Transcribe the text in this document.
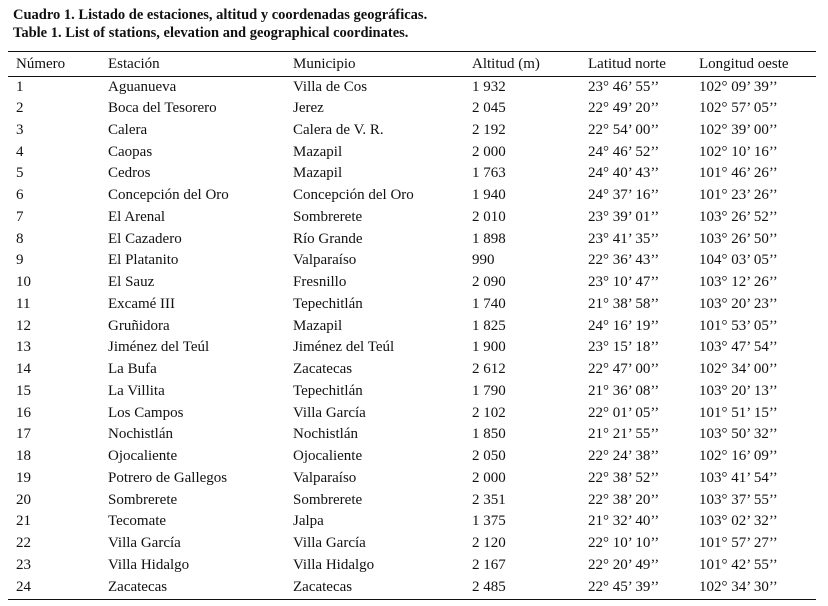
Cuadro 1. Listado de estaciones, altitud y coordenadas geográficas.
Table 1. List of stations, elevation and geographical coordinates.
Número	Estación	Municipio	Altitud (m)	Latitud norte	Longitud oeste
1	Aguanueva	Villa de Cos	1 932	23° 46’ 55’’	102° 09’ 39’’
2	Boca del Tesorero	Jerez	2 045	22° 49’ 20’’	102° 57’ 05’’
3	Calera	Calera de V. R.	2 192	22° 54’ 00’’	102° 39’ 00’’
4	Caopas	Mazapil	2 000	24° 46’ 52’’	102° 10’ 16’’
5	Cedros	Mazapil	1 763	24° 40’ 43’’	101° 46’ 26’’
6	Concepción del Oro	Concepción del Oro	1 940	24° 37’ 16’’	101° 23’ 26’’
7	El Arenal	Sombrerete	2 010	23° 39’ 01’’	103° 26’ 52’’
8	El Cazadero	Río Grande	1 898	23° 41’ 35’’	103° 26’ 50’’
9	El Platanito	Valparaíso	990	22° 36’ 43’’	104° 03’ 05’’
10	El Sauz	Fresnillo	2 090	23° 10’ 47’’	103° 12’ 26’’
11	Excamé III	Tepechitlán	1 740	21° 38’ 58’’	103° 20’ 23’’
12	Gruñidora	Mazapil	1 825	24° 16’ 19’’	101° 53’ 05’’
13	Jiménez del Teúl	Jiménez del Teúl	1 900	23° 15’ 18’’	103° 47’ 54’’
14	La Bufa	Zacatecas	2 612	22° 47’ 00’’	102° 34’ 00’’
15	La Villita	Tepechitlán	1 790	21° 36’ 08’’	103° 20’ 13’’
16	Los Campos	Villa García	2 102	22° 01’ 05’’	101° 51’ 15’’
17	Nochistlán	Nochistlán	1 850	21° 21’ 55’’	103° 50’ 32’’
18	Ojocaliente	Ojocaliente	2 050	22° 24’ 38’’	102° 16’ 09’’
19	Potrero de Gallegos	Valparaíso	2 000	22° 38’ 52’’	103° 41’ 54’’
20	Sombrerete	Sombrerete	2 351	22° 38’ 20’’	103° 37’ 55’’
21	Tecomate	Jalpa	1 375	21° 32’ 40’’	103° 02’ 32’’
22	Villa García	Villa García	2 120	22° 10’ 10’’	101° 57’ 27’’
23	Villa Hidalgo	Villa Hidalgo	2 167	22° 20’ 49’’	101° 42’ 55’’
24	Zacatecas	Zacatecas	2 485	22° 45’ 39’’	102° 34’ 30’’
